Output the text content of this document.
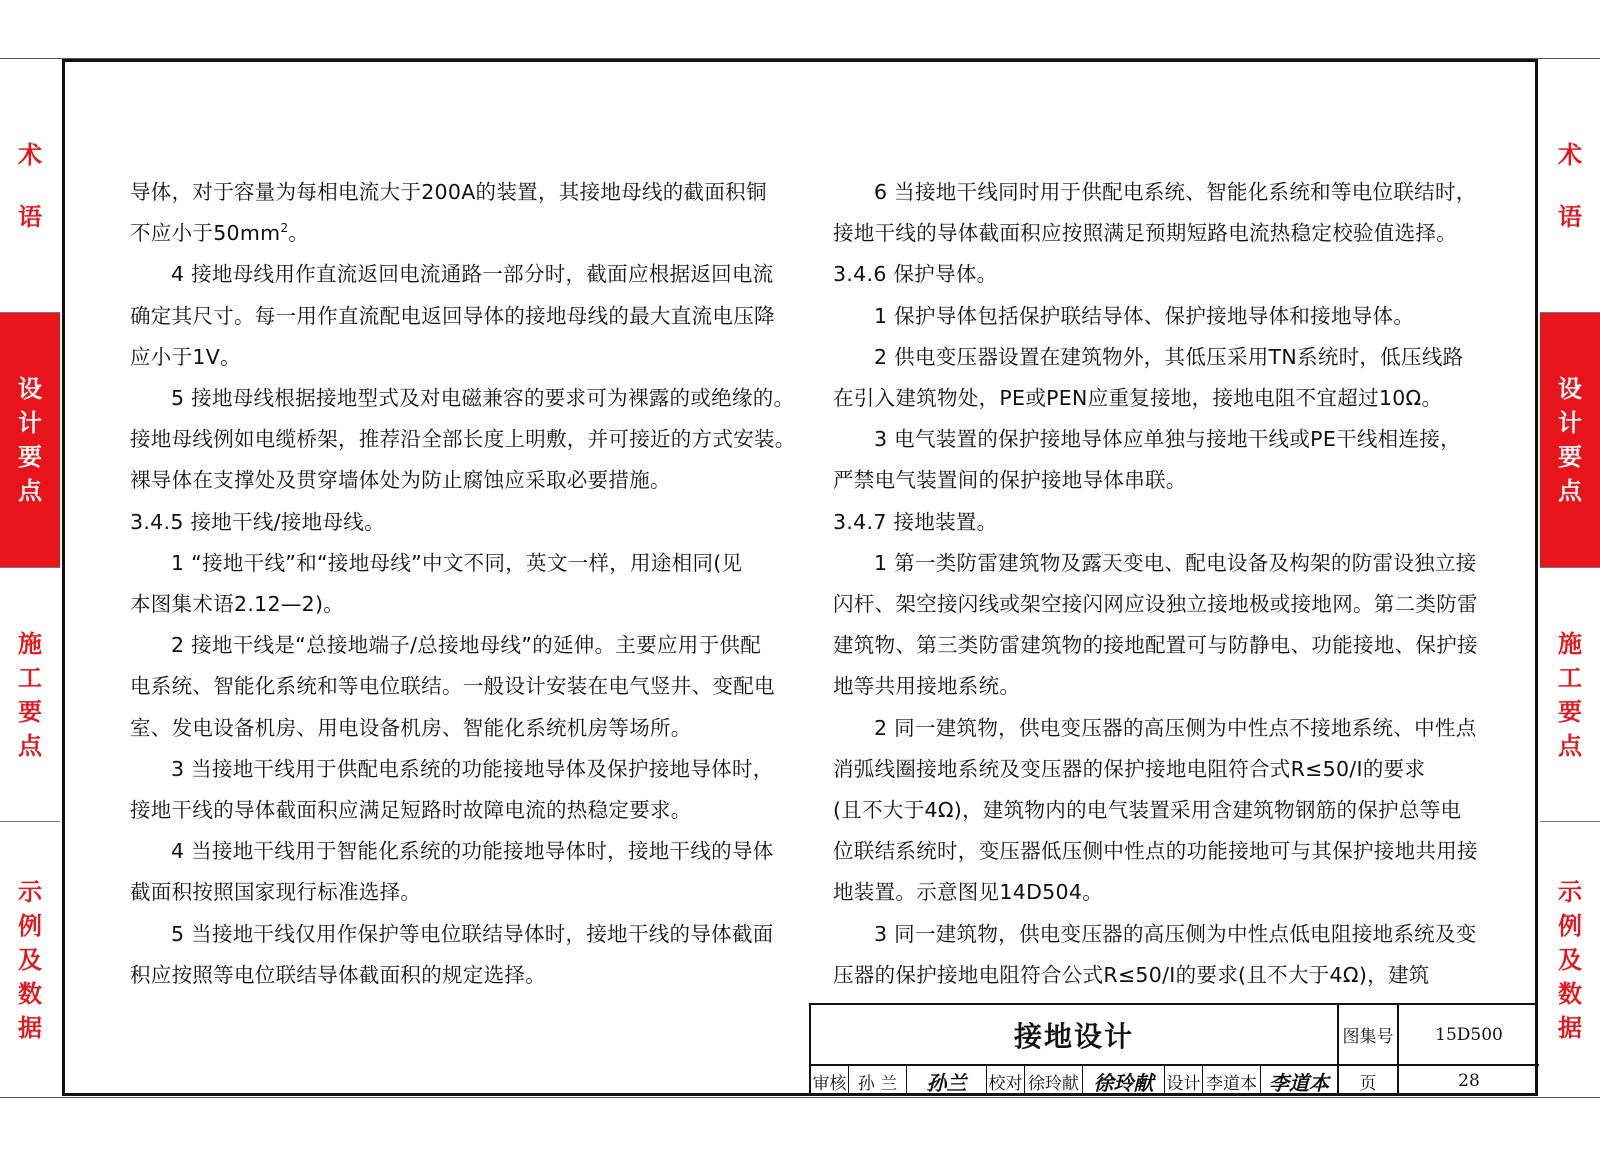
术
语
设
计
要
点
施
工
要
点
示
例
及
数
据
术
语
设
计
要
点
施
工
要
点
示
例
及
数
据

导体，对于容量为每相电流大于200A的装置，其接地母线的截面积铜

不应小于$50mm^2$。

4 接地母线用作直流返回电流通路一部分时，截面应根据返回电流

确定其尺寸。每一用作直流配电返回导体的接地母线的最大直流电压降

应小于1V。

5 接地母线根据接地型式及对电磁兼容的要求可为裸露的或绝缘的。

接地母线例如电缆桥架，推荐沿全部长度上明敷，并可接近的方式安装。

裸导体在支撑处及贯穿墙体处为防止腐蚀应采取必要措施。

3.4.5 接地干线/接地母线。

1 “接地干线”和“接地母线”中文不同，英文一样，用途相同(见

本图集术语2.12—2)。

2 接地干线是“总接地端子/总接地母线”的延伸。主要应用于供配

电系统、智能化系统和等电位联结。一般设计安装在电气竖井、变配电

室、发电设备机房、用电设备机房、智能化系统机房等场所。

3 当接地干线用于供配电系统的功能接地导体及保护接地导体时，

接地干线的导体截面积应满足短路时故障电流的热稳定要求。

4 当接地干线用于智能化系统的功能接地导体时，接地干线的导体

截面积按照国家现行标准选择。

5 当接地干线仅用作保护等电位联结导体时，接地干线的导体截面

积应按照等电位联结导体截面积的规定选择。

6 当接地干线同时用于供配电系统、智能化系统和等电位联结时，

接地干线的导体截面积应按照满足预期短路电流热稳定校验值选择。

3.4.6 保护导体。

1 保护导体包括保护联结导体、保护接地导体和接地导体。

2 供电变压器设置在建筑物外，其低压采用TN系统时，低压线路

在引入建筑物处，PE或PEN应重复接地，接地电阻不宜超过10Ω。

3 电气装置的保护接地导体应单独与接地干线或PE干线相连接，

严禁电气装置间的保护接地导体串联。

3.4.7 接地装置。

1 第一类防雷建筑物及露天变电、配电设备及构架的防雷设独立接

闪杆、架空接闪线或架空接闪网应设独立接地极或接地网。第二类防雷

建筑物、第三类防雷建筑物的接地配置可与防静电、功能接地、保护接

地等共用接地系统。

2 同一建筑物，供电变压器的高压侧为中性点不接地系统、中性点

消弧线圈接地系统及变压器的保护接地电阻符合式R≤50/Ⅰ的要求

(且不大于4Ω)，建筑物内的电气装置采用含建筑物钢筋的保护总等电

位联结系统时，变压器低压侧中性点的功能接地可与其保护接地共用接

地装置。示意图见14D504。

3 同一建筑物，供电变压器的高压侧为中性点低电阻接地系统及变

压器的保护接地电阻符合公式R≤50/Ⅰ的要求(且不大于4Ω)，建筑

接地设计	图集号	15D500
审核 孙 兰	孙兰	校对 徐玲献 徐玲献 设计 李道本 李道本	页	28
